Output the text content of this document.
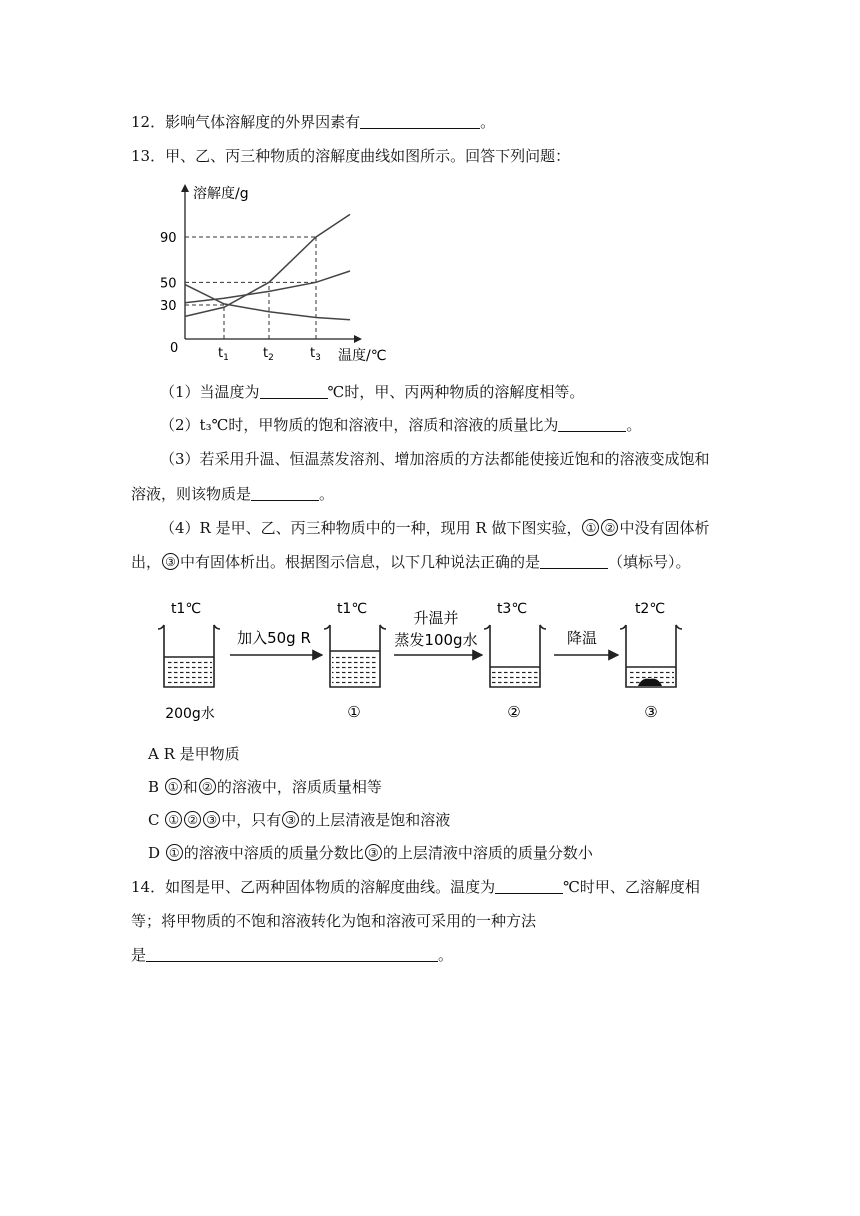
12．影响气体溶解度的外界因素有	。
13．甲、乙、丙三种物质的溶解度曲线如图所示。回答下列问题：
溶解度/g
温度/℃
0
30
50
90
$t_1$	$t_2$	$t_3$
（1）当温度为	℃时，甲、丙两种物质的溶解度相等。
（2）t₃℃时，甲物质的饱和溶液中，溶质和溶液的质量比为	。
（3）若采用升温、恒温蒸发溶剂、增加溶质的方法都能使接近饱和的溶液变成饱和
溶液，则该物质是	。
（4）R 是甲、乙、丙三种物质中的一种，现用 R 做下图实验， ① ② 中没有固体析
出， ③ 中有固体析出。根据图示信息，以下几种说法正确的是	（填标号）。
t1℃	t1℃	t3℃	t2℃
加入50g R
升温并
蒸发100g水	降温
200g水	①	②	③
A R 是甲物质
B ① 和 ② 的溶液中，溶质质量相等
C ① ② ③ 中，只有 ③ 的上层清液是饱和溶液
D ① 的溶液中溶质的质量分数比 ③ 的上层清液中溶质的质量分数小
14．如图是甲、乙两种固体物质的溶解度曲线。温度为	℃时甲、乙溶解度相
等；将甲物质的不饱和溶液转化为饱和溶液可采用的一种方法
是	。
